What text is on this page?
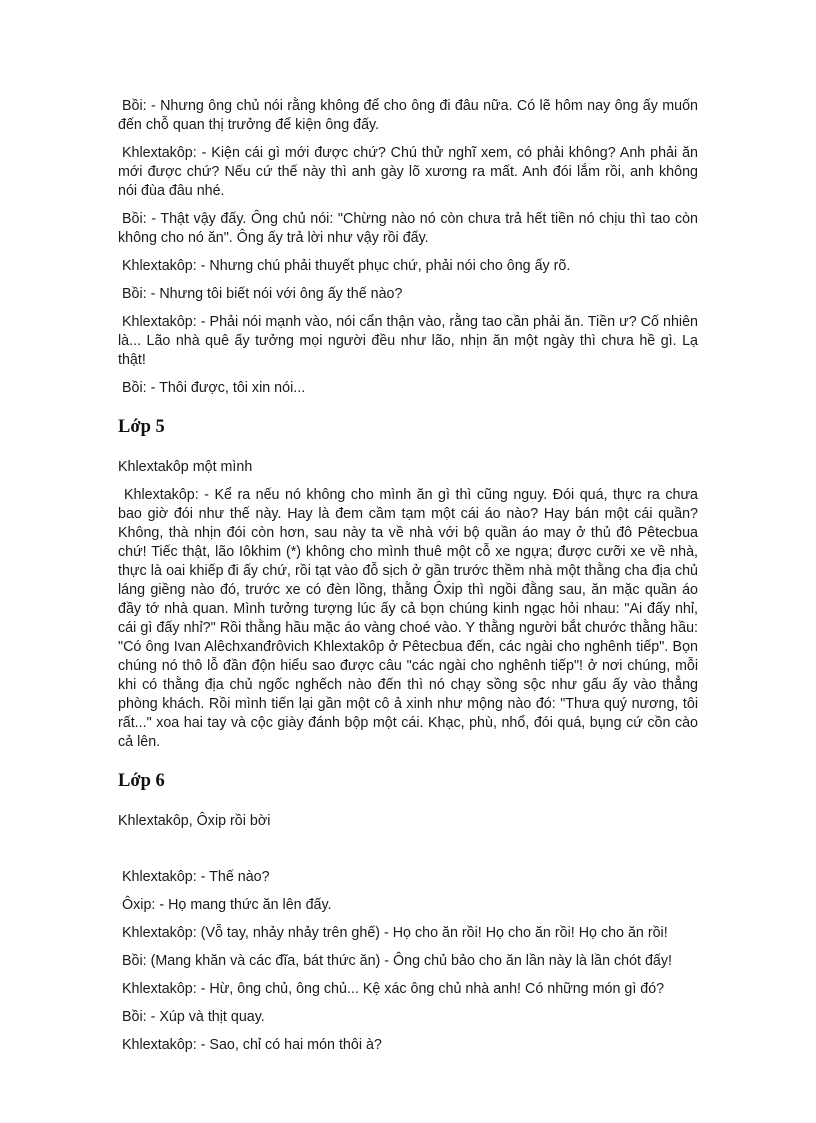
Bồi: - Nhưng ông chủ nói rằng không để cho ông đi đâu nữa. Có lẽ hôm nay ông ấy muốn đến chỗ quan thị trưởng để kiện ông đấy.

Khlextakôp: - Kiện cái gì mới được chứ? Chú thử nghĩ xem, có phải không? Anh phải ăn mới được chứ? Nếu cứ thế này thì anh gày lõ xương ra mất. Anh đói lắm rồi, anh không nói đùa đâu nhé.

Bồi: - Thật vậy đấy. Ông chủ nói: "Chừng nào nó còn chưa trả hết tiền nó chịu thì tao còn không cho nó ăn". Ông ấy trả lời như vậy rồi đấy.

Khlextakôp: - Nhưng chú phải thuyết phục chứ, phải nói cho ông ấy rõ.

Bồi: - Nhưng tôi biết nói với ông ấy thế nào?

Khlextakôp: - Phải nói mạnh vào, nói cẩn thận vào, rằng tao cần phải ăn. Tiền ư? Cố nhiên là... Lão nhà quê ấy tưởng mọi người đều như lão, nhịn ăn một ngày thì chưa hề gì. Lạ thật!

Bồi: - Thôi được, tôi xin nói...

Lớp 5

Khlextakôp một mình

Khlextakôp: - Kể ra nếu nó không cho mình ăn gì thì cũng nguy. Đói quá, thực ra chưa bao giờ đói như thế này. Hay là đem cầm tạm một cái áo nào? Hay bán một cái quần? Không, thà nhịn đói còn hơn, sau này ta về nhà với bộ quần áo may ở thủ đô Pêtecbua chứ! Tiếc thật, lão Iôkhim (*) không cho mình thuê một cỗ xe ngựa; được cưỡi xe về nhà, thực là oai khiếp đi ấy chứ, rồi tạt vào đỗ sịch ở gần trước thềm nhà một thằng cha địa chủ láng giềng nào đó, trước xe có đèn lồng, thằng Ôxip thì ngồi đằng sau, ăn mặc quần áo đầy tớ nhà quan. Mình tưởng tượng lúc ấy cả bọn chúng kinh ngạc hỏi nhau: "Ai đấy nhỉ, cái gì đấy nhỉ?" Rồi thằng hầu mặc áo vàng choé vào. Y thằng người bắt chước thằng hầu: "Có ông Ivan Alêchxanđrôvich Khlextakôp ở Pêtecbua đến, các ngài cho nghênh tiếp". Bọn chúng nó thô lỗ đần độn hiểu sao được câu "các ngài cho nghênh tiếp"! ở nơi chúng, mỗi khi có thằng địa chủ ngốc nghếch nào đến thì nó chạy sồng sộc như gấu ấy vào thẳng phòng khách. Rồi mình tiến lại gần một cô ả xinh như mộng nào đó: "Thưa quý nương, tôi rất..." xoa hai tay và cộc giày đánh bộp một cái. Khạc, phù, nhổ, đói quá, bụng cứ cồn cào cả lên.

Lớp 6

Khlextakôp, Ôxip rồi bời

Khlextakôp: - Thế nào?

Ôxip: - Họ mang thức ăn lên đấy.

Khlextakôp: (Vỗ tay, nhảy nhảy trên ghế) - Họ cho ăn rồi! Họ cho ăn rồi! Họ cho ăn rồi!

Bồi: (Mang khăn và các đĩa, bát thức ăn) - Ông chủ bảo cho ăn lần này là lần chót đấy!

Khlextakôp: - Hừ, ông chủ, ông chủ... Kệ xác ông chủ nhà anh! Có những món gì đó?

Bồi: - Xúp và thịt quay.

Khlextakôp: - Sao, chỉ có hai món thôi à?
